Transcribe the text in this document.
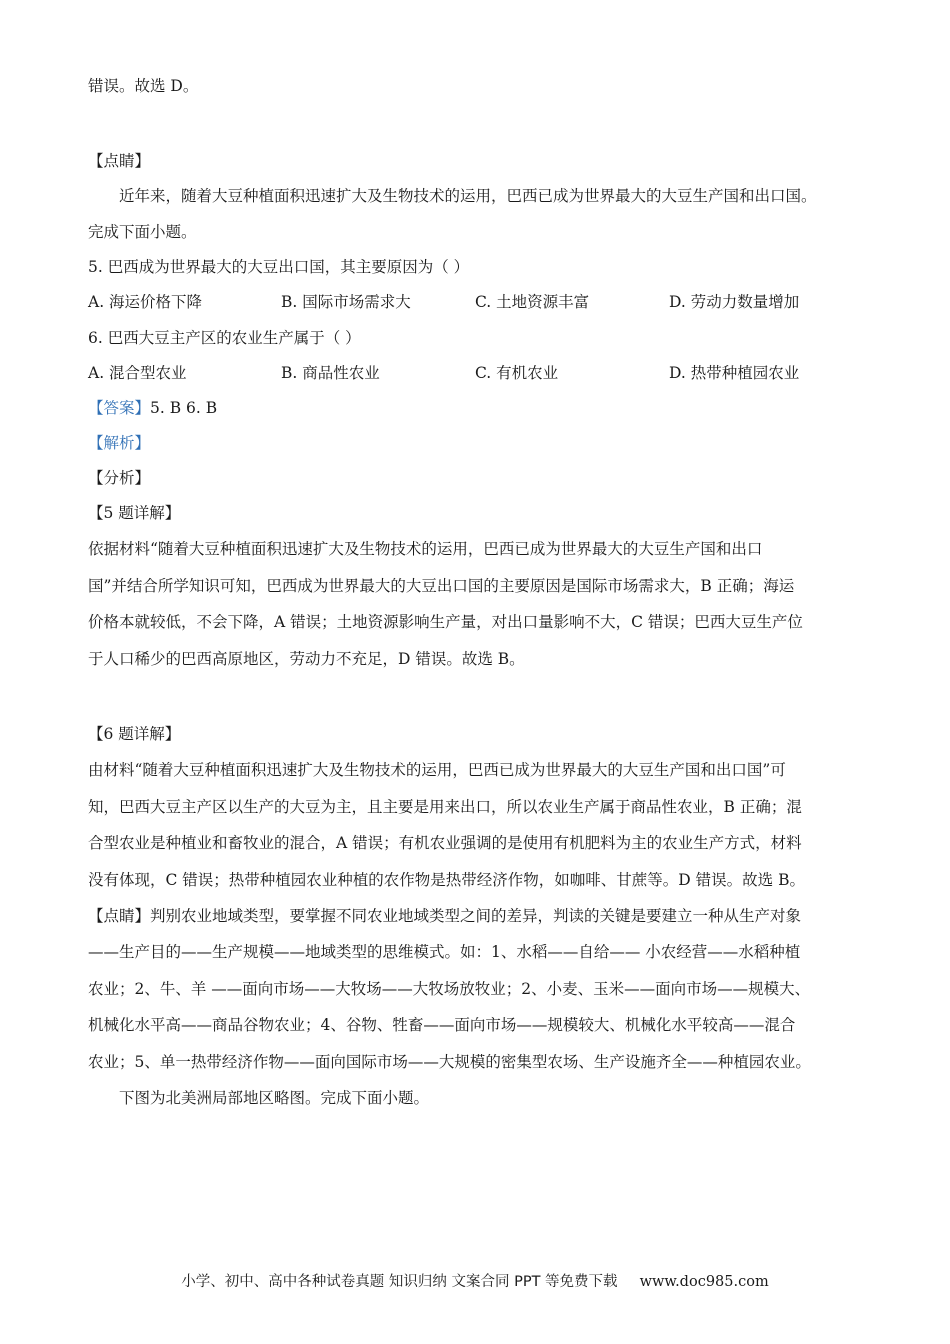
错误。故选 D。
【点睛】
近年来，随着大豆种植面积迅速扩大及生物技术的运用，巴西已成为世界最大的大豆生产国和出口国。
完成下面小题。
5. 巴西成为世界最大的大豆出口国，其主要原因为（ ）
A. 海运价格下降	B. 国际市场需求大	C. 土地资源丰富	D. 劳动力数量增加
6. 巴西大豆主产区的农业生产属于（ ）
A. 混合型农业	B. 商品性农业	C. 有机农业	D. 热带种植园农业
【答案】5. B 6. B
【解析】
【分析】
【5 题详解】
依据材料“随着大豆种植面积迅速扩大及生物技术的运用，巴西已成为世界最大的大豆生产国和出口
国”并结合所学知识可知，巴西成为世界最大的大豆出口国的主要原因是国际市场需求大，B 正确；海运
价格本就较低，不会下降，A 错误；土地资源影响生产量，对出口量影响不大，C 错误；巴西大豆生产位
于人口稀少的巴西高原地区，劳动力不充足，D 错误。故选 B。
【6 题详解】
由材料“随着大豆种植面积迅速扩大及生物技术的运用，巴西已成为世界最大的大豆生产国和出口国”可
知，巴西大豆主产区以生产的大豆为主，且主要是用来出口，所以农业生产属于商品性农业，B 正确；混
合型农业是种植业和畜牧业的混合，A 错误；有机农业强调的是使用有机肥料为主的农业生产方式，材料
没有体现，C 错误；热带种植园农业种植的农作物是热带经济作物，如咖啡、甘蔗等。D 错误。故选 B。
【点睛】判别农业地域类型，要掌握不同农业地域类型之间的差异，判读的关键是要建立一种从生产对象
——生产目的——生产规模——地域类型的思维模式。如：1、水稻——自给—— 小农经营——水稻种植
农业；2、牛、羊 ——面向市场——大牧场——大牧场放牧业；2、小麦、玉米——面向市场——规模大、
机械化水平高——商品谷物农业；4、谷物、牲畜——面向市场——规模较大、机械化水平较高——混合
农业；5、单一热带经济作物——面向国际市场——大规模的密集型农场、生产设施齐全——种植园农业。
下图为北美洲局部地区略图。完成下面小题。
小学、初中、高中各种试卷真题 知识归纳 文案合同 PPT 等免费下载 www.doc985.com
